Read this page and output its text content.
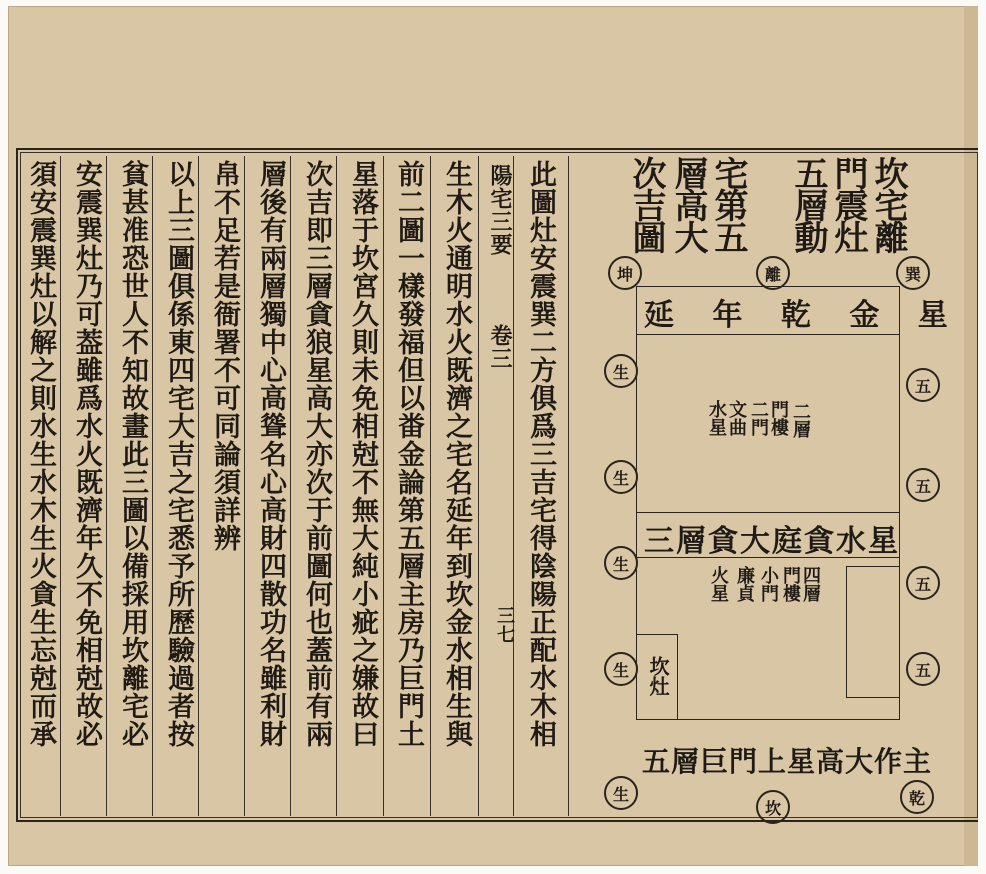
此圖灶安震巽二方俱爲三吉宅得陰陽正配水木相
生木火通明水火既濟之宅名延年到坎金水相生與
前二圖一樣發福但以畨金論第五層主房乃巨門土
星落于坎宮久則未免相尅不無大純小疵之嫌故曰
次吉即三層貪狼星高大亦次于前圖何也蓋前有兩
層後有兩層獨中心高聳名心高財四散功名雖利財
帛不足若是衙署不可同論須詳辨
以上三圖俱係東四宅大吉之宅悉予所歷驗過者按
貧甚准恐世人不知故畫此三圖以備採用坎離宅必
安震巽灶乃可葢雖爲水火既濟年久不免相尅故必
須安震巽灶以解之則水生水木生火貪生忘尅而承	陽宅三要
卷三
三七
坎宅離
門震灶
五層動
宅第五
層高大
次吉圖
坤	離	巽
延 年 乾 金 星
二層
門樓
二門
文曲
水星
三層貪大庭貪水星
四層
門樓
小門
廉貞
火星
坎灶
五層巨門上星高大作主
生
生
生
生
生
五
五
五
五
坎
乾
